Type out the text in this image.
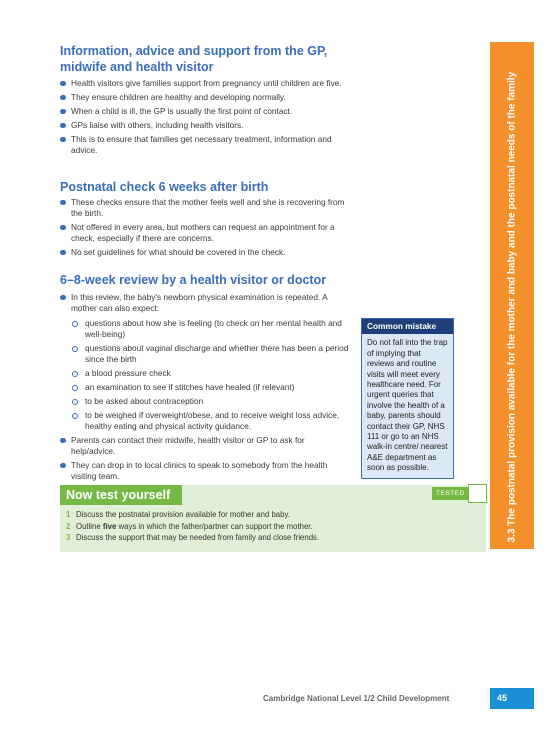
Information, advice and support from the GP, midwife and health visitor
Health visitors give families support from pregnancy until children are five.
They ensure children are healthy and developing normally.
When a child is ill, the GP is usually the first point of contact.
GPs liaise with others, including health visitors.
This is to ensure that families get necessary treatment, information and advice.
Postnatal check 6 weeks after birth
These checks ensure that the mother feels well and she is recovering from the birth.
Not offered in every area, but mothers can request an appointment for a check, especially if there are concerns.
No set guidelines for what should be covered in the check.
6–8-week review by a health visitor or doctor
In this review, the baby's newborn physical examination is repeated. A mother can also expect:
questions about how she is feeling (to check on her mental health and well-being)
questions about vaginal discharge and whether there has been a period since the birth
a blood pressure check
an examination to see if stitches have healed (if relevant)
to be asked about contraception
to be weighed if overweight/obese, and to receive weight loss advice, healthy eating and physical activity guidance.
Parents can contact their midwife, health visitor or GP to ask for help/advice.
They can drop in to local clinics to speak to somebody from the health visiting team.
Common mistake
Do not fall into the trap of implying that reviews and routine visits will meet every healthcare need. For urgent queries that involve the health of a baby, parents should contact their GP, NHS 111 or go to an NHS walk-in centre/ nearest A&E department as soon as possible.	3.3 The postnatal provision available for the mother and baby and the postnatal needs of the family
Now test yourself	TESTED
1 Discuss the postnatal provision available for mother and baby.
2 Outline five ways in which the father/partner can support the mother.
3 Discuss the support that may be needed from family and close friends.
Cambridge National Level 1/2 Child Development	45
